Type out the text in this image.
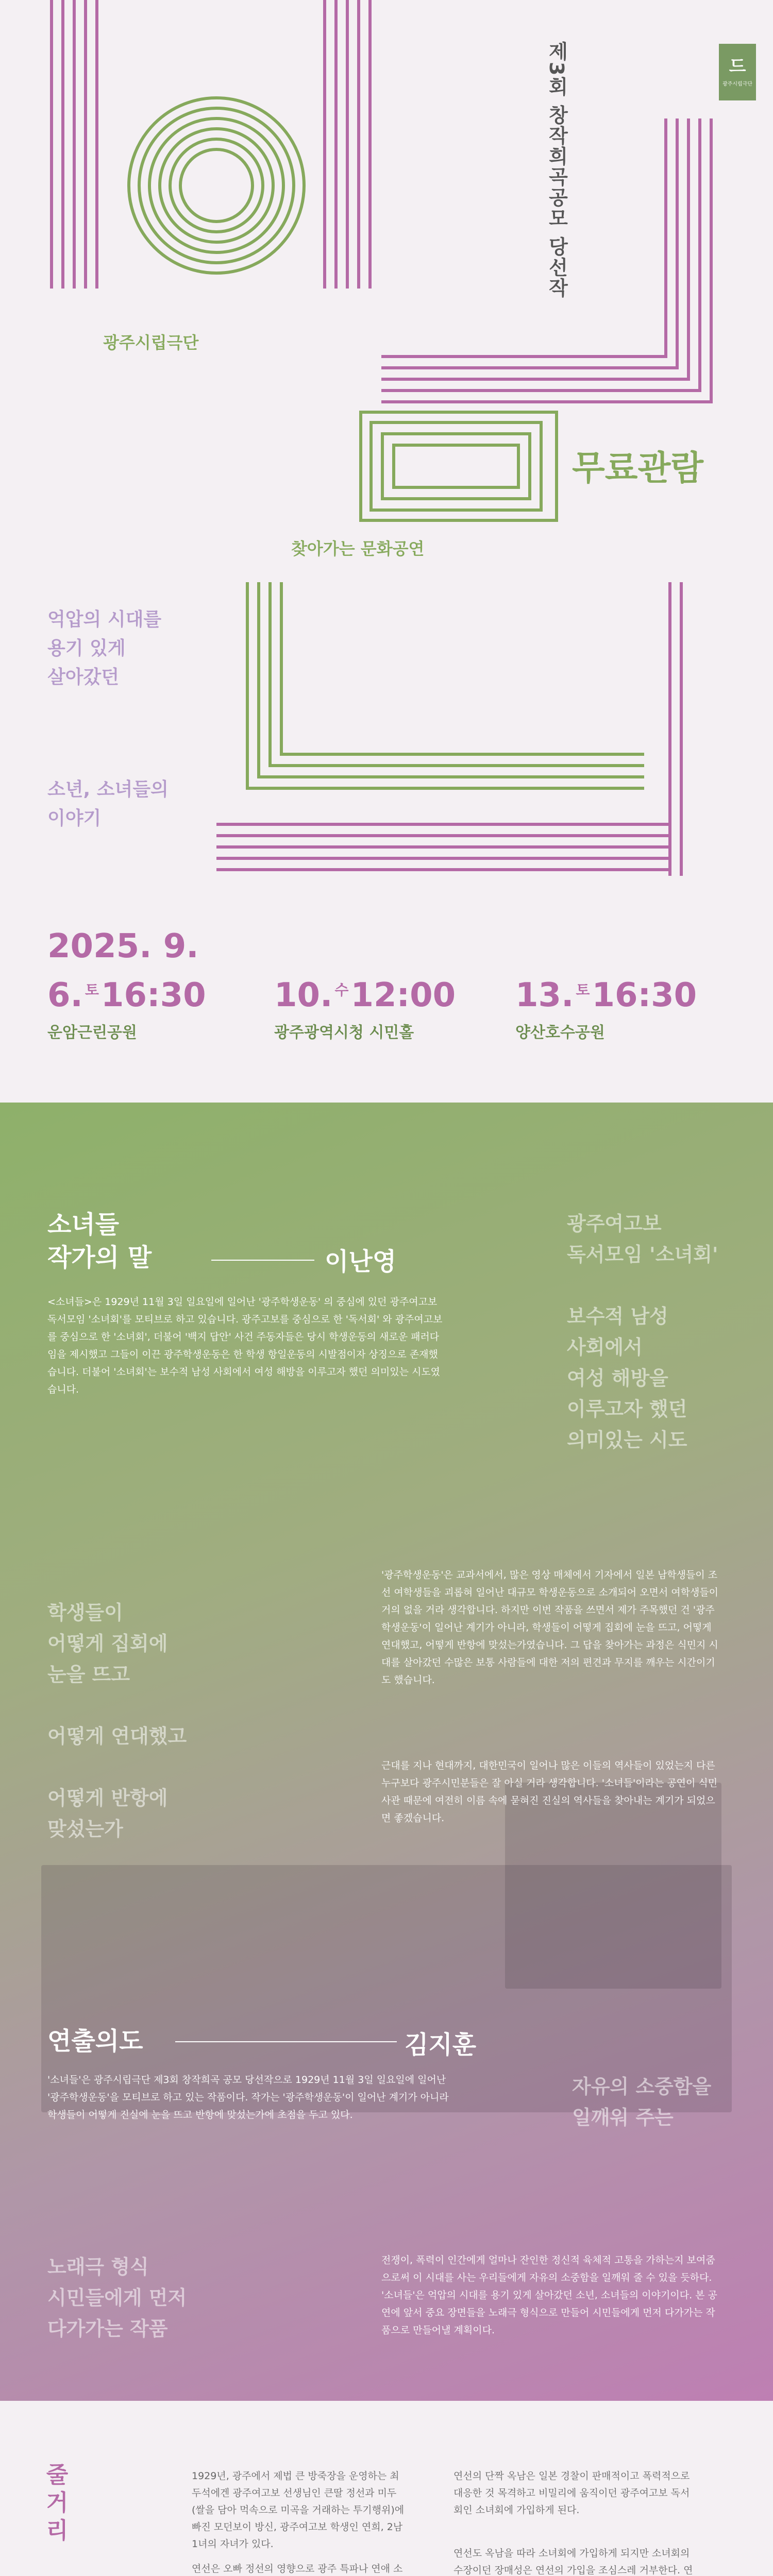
드
광주시립극단
제3회 창작희곡공모 당선작
광주시립극단
무료관람
찾아가는 문화공연
억압의 시대를
용기 있게
살아갔던
소년, 소녀들의
이야기
2025. 9.
6. $^토$16:30
운암근린공원
10. $^수$12:00
광주광역시청 시민홀
13. $^토$16:30
양산호수공원
소녀들
작가의 말	이난영
<소녀들>은 1929년 11월 3일 일요일에 일어난 '광주학생운동' 의 중심에 있던 광주여고보 독서모임 '소녀회'를 모티브로 하고 있습니다. 광주고보를 중심으로 한 '독서회' 와 광주여고보를 중심으로 한 '소녀회', 더불어 '백지 답안' 사건 주동자들은 당시 학생운동의 새로운 패러다임을 제시했고 그들이 이끈 광주학생운동은 한 학생 항일운동의 시발점이자 상징으로 존재했습니다. 더불어 '소녀회'는 보수적 남성 사회에서 여성 해방을 이루고자 했던 의미있는 시도였습니다.
광주여고보
독서모임 '소녀회'

보수적 남성
사회에서
여성 해방을
이루고자 했던
의미있는 시도
학생들이
어떻게 집회에
눈을 뜨고

어떻게 연대했고

어떻게 반항에
맞섰는가
'광주학생운동'은 교과서에서, 많은 영상 매체에서 기자에서 일본 남학생들이 조선 여학생들을 괴롭혀 일어난 대규모 학생운동으로 소개되어 오면서 여학생들이 거의 없을 거라 생각합니다. 하지만 이번 작품을 쓰면서 제가 주목했던 건 '광주학생운동'이 일어난 계기가 아니라, 학생들이 어떻게 집회에 눈을 뜨고, 어떻게 연대했고, 어떻게 반항에 맞섰는가였습니다. 그 답을 찾아가는 과정은 식민지 시대를 살아갔던 수많은 보통 사람들에 대한 저의 편견과 무지를 깨우는 시간이기도 했습니다.
근대를 지나 현대까지, 대한민국이 일어나 많은 이들의 역사들이 있었는지 다른 누구보다 광주시민분들은 잘 아실 거라 생각합니다. '소녀들'이라는 공연이 식민사관 때문에 여전히 이름 속에 묻혀진 진실의 역사들을 찾아내는 계기가 되었으면 좋겠습니다.
연출의도	김지훈
'소녀들'은 광주시립극단 제3회 창작희곡 공모 당선작으로 1929년 11월 3일 일요일에 일어난 '광주학생운동'을 모티브로 하고 있는 작품이다. 작가는 '광주학생운동'이 일어난 계기가 아니라 학생들이 어떻게 진실에 눈을 뜨고 반항에 맞섰는가에 초점을 두고 있다.
자유의 소중함을
일깨워 주는
노래극 형식
시민들에게 먼저
다가가는 작품
전쟁이, 폭력이 인간에게 얼마나 잔인한 정신적 육체적 고통을 가하는지 보여줌으로써 이 시대를 사는 우리들에게 자유의 소중함을 일깨워 줄 수 있을 듯하다. '소녀들'은 억압의 시대를 용기 있게 살아갔던 소년, 소녀들의 이야기이다. 본 공연에 앞서 중요 장면들을 노래극 형식으로 만들어 시민들에게 먼저 다가가는 작품으로 만들어낼 계획이다.
줄거리	1929년, 광주에서 제법 큰 방죽장을 운영하는 최두석에겐 광주여고보 선생님인 큰딸 정선과 미두(쌀을 담아 먹속으로 미곡을 거래하는 투기행위)에 빠진 모던보이 방신, 광주여고보 학생인 연희, 2남 1녀의 자녀가 있다.
연선은 오빠 정선의 영향으로 광주 특파나 연애 소
연선의 단짝 옥남은 일본 경찰이 판매적이고 폭력적으로 대응한 것 목격하고 비밀리에 움직이던 광주여고보 독서회인 소녀회에 가입하게 된다.
연선도 옥남을 따라 소녀회에 가입하게 되지만 소녀회의 수장이던 장매성은 연선의 가입을 조심스레 거부한다. 연
